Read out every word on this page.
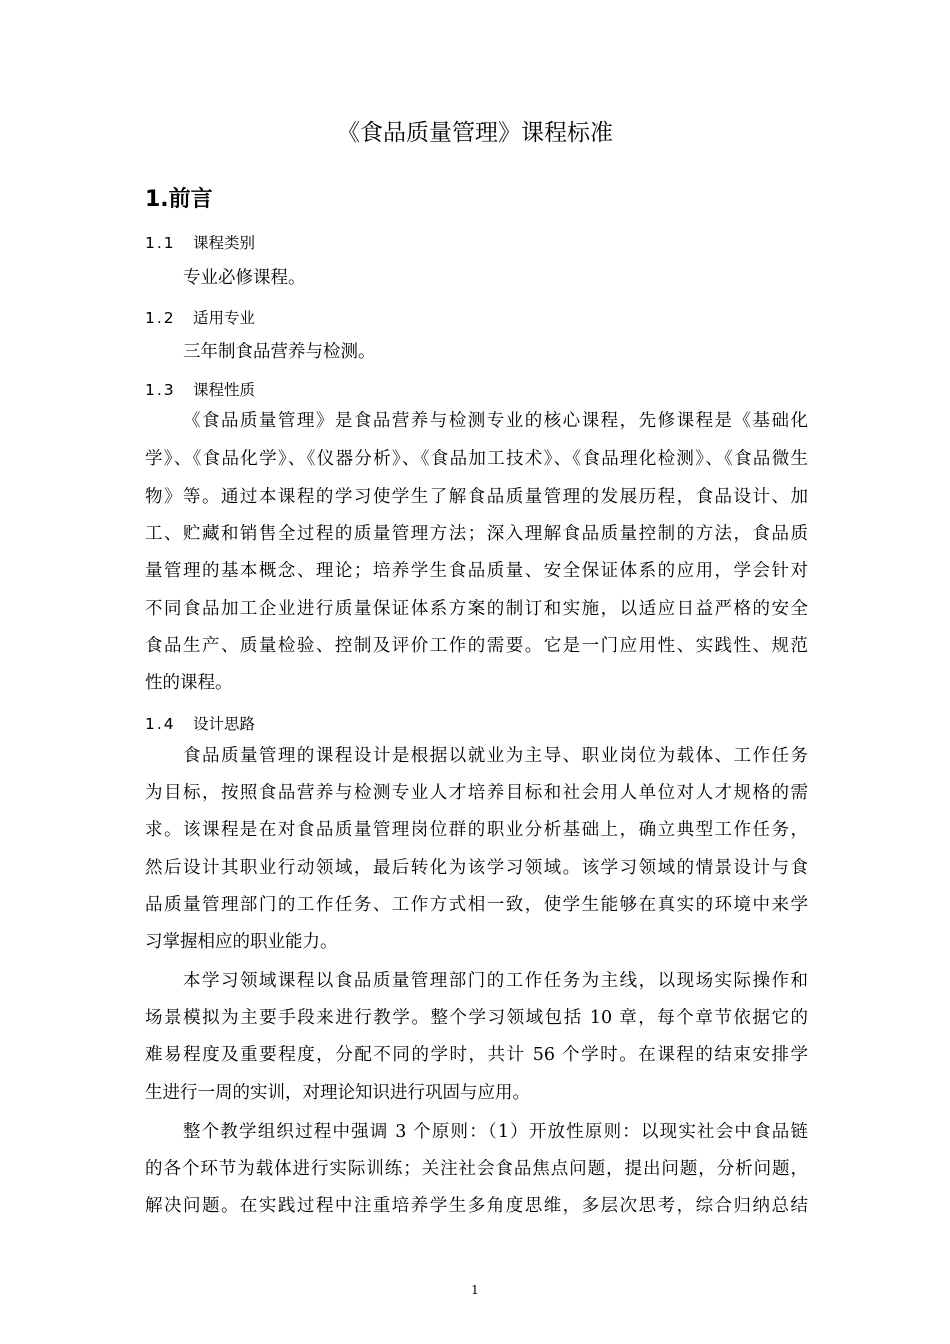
《食品质量管理》课程标准
1.前言
1.1 课程类别
专业必修课程。
1.2 适用专业
三年制食品营养与检测。
1.3 课程性质
《食品质量管理》是食品营养与检测专业的核心课程，先修课程是《基础化
学》、《食品化学》、《仪器分析》、《食品加工技术》、《食品理化检测》、《食品微生
物》等。通过本课程的学习使学生了解食品质量管理的发展历程，食品设计、加
工、贮藏和销售全过程的质量管理方法；深入理解食品质量控制的方法，食品质
量管理的基本概念、理论；培养学生食品质量、安全保证体系的应用，学会针对
不同食品加工企业进行质量保证体系方案的制订和实施，以适应日益严格的安全
食品生产、质量检验、控制及评价工作的需要。它是一门应用性、实践性、规范
性的课程。
1.4 设计思路
食品质量管理的课程设计是根据以就业为主导、职业岗位为载体、工作任务
为目标，按照食品营养与检测专业人才培养目标和社会用人单位对人才规格的需
求。该课程是在对食品质量管理岗位群的职业分析基础上，确立典型工作任务，
然后设计其职业行动领域，最后转化为该学习领域。该学习领域的情景设计与食
品质量管理部门的工作任务、工作方式相一致，使学生能够在真实的环境中来学
习掌握相应的职业能力。
本学习领域课程以食品质量管理部门的工作任务为主线，以现场实际操作和
场景模拟为主要手段来进行教学。整个学习领域包括 10 章，每个章节依据它的
难易程度及重要程度，分配不同的学时，共计 56 个学时。在课程的结束安排学
生进行一周的实训，对理论知识进行巩固与应用。
整个教学组织过程中强调 3 个原则：（1）开放性原则：以现实社会中食品链
的各个环节为载体进行实际训练；关注社会食品焦点问题，提出问题，分析问题，
解决问题。在实践过程中注重培养学生多角度思维，多层次思考，综合归纳总结
1
